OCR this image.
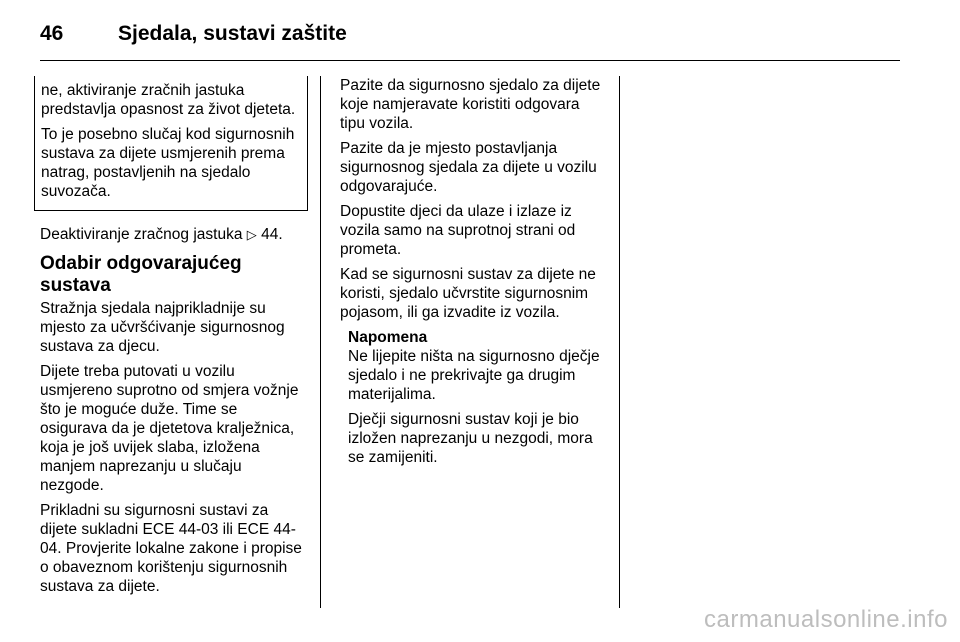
46	Sjedala, sustavi zaštite

ne, aktiviranje zračnih jastuka predstavlja opasnost za život djeteta.

To je posebno slučaj kod sigurnosnih sustava za dijete usmjerenih prema natrag, postavljenih na sjedalo suvozača.

Deaktiviranje zračnog jastuka ▷ 44.

Odabir odgovarajućeg sustava

Stražnja sjedala najprikladnije su mjesto za učvršćivanje sigurnosnog sustava za djecu.

Dijete treba putovati u vozilu usmjereno suprotno od smjera vožnje što je moguće duže. Time se osigurava da je djetetova kralježnica, koja je još uvijek slaba, izložena manjem naprezanju u slučaju nezgode.

Prikladni su sigurnosni sustavi za dijete sukladni ECE 44-03 ili ECE 44-04. Provjerite lokalne zakone i propise o obaveznom korištenju sigurnosnih sustava za dijete.

Pazite da sigurnosno sjedalo za dijete koje namjeravate koristiti odgovara tipu vozila.

Pazite da je mjesto postavljanja sigurnosnog sjedala za dijete u vozilu odgovarajuće.

Dopustite djeci da ulaze i izlaze iz vozila samo na suprotnoj strani od prometa.

Kad se sigurnosni sustav za dijete ne koristi, sjedalo učvrstite sigurnosnim pojasom, ili ga izvadite iz vozila.

Napomena

Ne lijepite ništa na sigurnosno dječje sjedalo i ne prekrivajte ga drugim materijalima.

Dječji sigurnosni sustav koji je bio izložen naprezanju u nezgodi, mora se zamijeniti.

carmanualsonline.info
